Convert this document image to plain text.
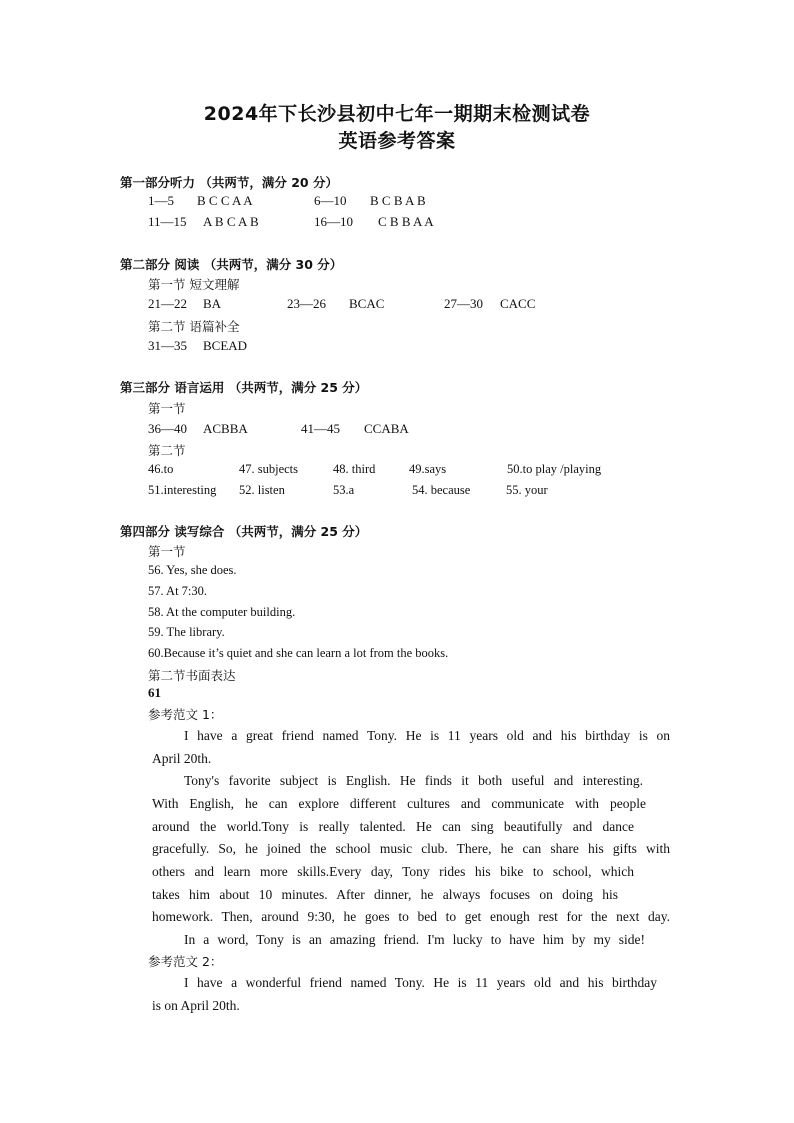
2024年下长沙县初中七年一期期末检测试卷
英语参考答案
第一部分听力 （共两节，满分 20 分）
1—5 B C C A A	6—10 B C B A B
11—15 A B C A B	16—10 C B B A A
第二部分 阅读 （共两节，满分 30 分）
第一节 短文理解
21—22 BA	23—26 BCAC	27—30 CACC
第二节 语篇补全
31—35 BCEAD
第三部分 语言运用 （共两节，满分 25 分）
第一节
36—40 ACBBA	41—45 CCABA
第二节
46.to	47. subjects	48. third	49.says	50.to play /playing
51.interesting 52. listen	53.a	54. because	55. your
第四部分 读写综合 （共两节，满分 25 分）
第一节
56. Yes, she does.
57. At 7:30.
58. At the computer building.
59. The library.
60.Because it’s quiet and she can learn a lot from the books.
第二节书面表达
61
参考范文 1：
I have a great friend named Tony. He is 11 years old and his birthday is on
April 20th.
Tony's favorite subject is English. He finds it both useful and interesting.
With English, he can explore different cultures and communicate with people
around the world.Tony is really talented. He can sing beautifully and dance
gracefully. So, he joined the school music club. There, he can share his gifts with
others and learn more skills.Every day, Tony rides his bike to school, which
takes him about 10 minutes. After dinner, he always focuses on doing his
homework. Then, around 9:30, he goes to bed to get enough rest for the next day.
In a word, Tony is an amazing friend. I'm lucky to have him by my side!
参考范文 2：
I have a wonderful friend named Tony. He is 11 years old and his birthday
is on April 20th.
